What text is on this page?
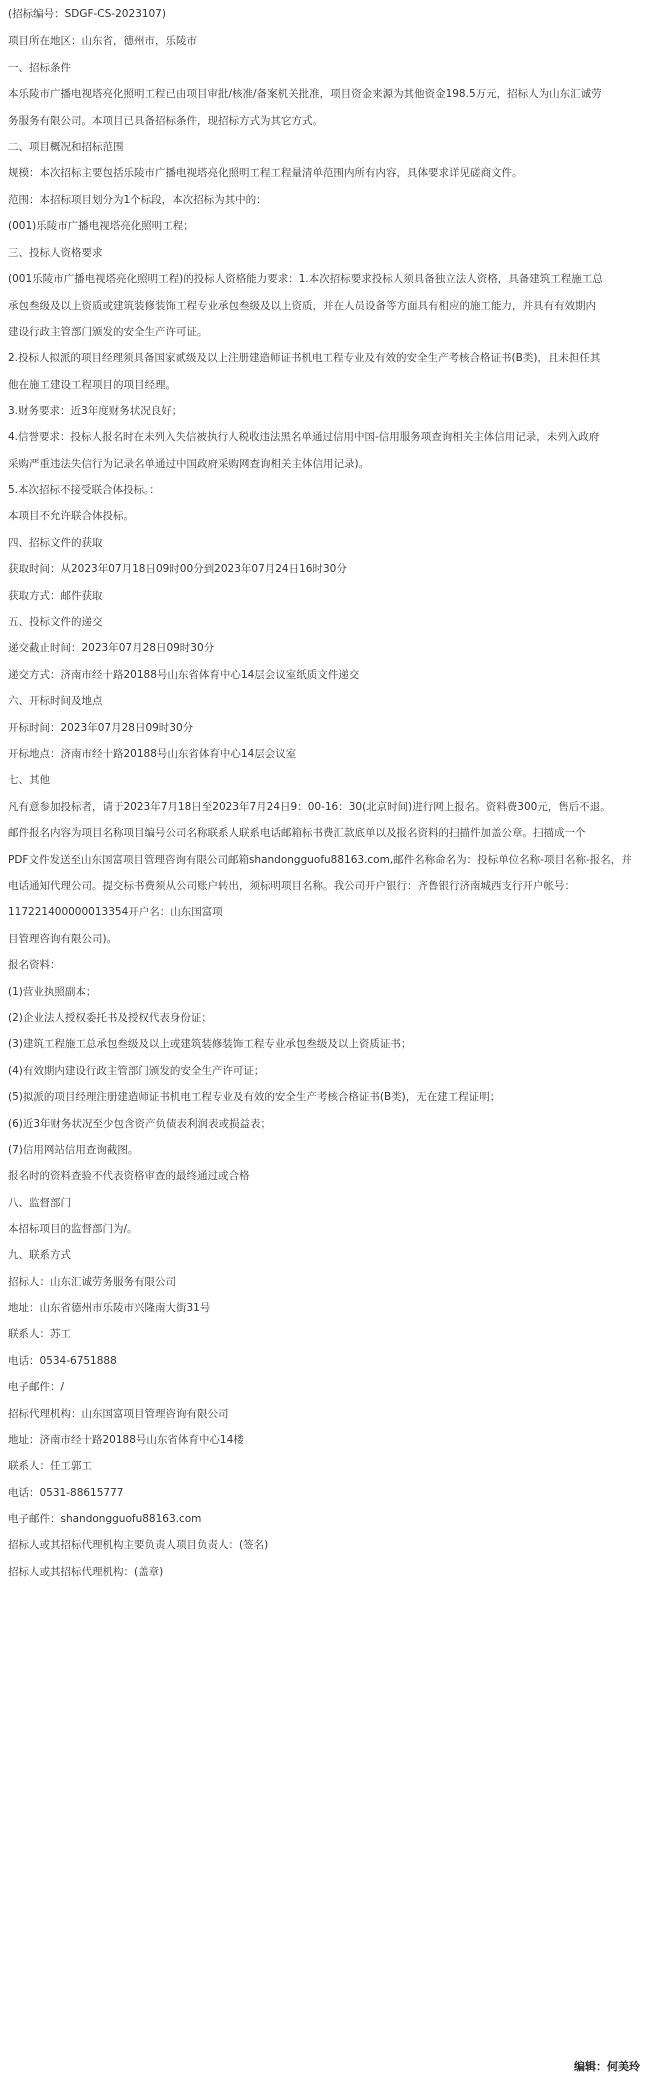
(招标编号：SDGF-CS-2023107)
项目所在地区：山东省，德州市，乐陵市
一、招标条件
本乐陵市广播电视塔亮化照明工程已由项目审批/核准/备案机关批准，项目资金来源为其他资金198.5万元，招标人为山东汇诚劳
务服务有限公司。本项目已具备招标条件，现招标方式为其它方式。
二、项目概况和招标范围
规模：本次招标主要包括乐陵市广播电视塔亮化照明工程工程量清单范围内所有内容，具体要求详见磋商文件。
范围：本招标项目划分为1个标段，本次招标为其中的：
(001)乐陵市广播电视塔亮化照明工程；
三、投标人资格要求
(001乐陵市广播电视塔亮化照明工程)的投标人资格能力要求：1.本次招标要求投标人须具备独立法人资格，具备建筑工程施工总
承包叁级及以上资质或建筑装修装饰工程专业承包叁级及以上资质，并在人员设备等方面具有相应的施工能力，并具有有效期内
建设行政主管部门颁发的安全生产许可证。
2.投标人拟派的项目经理须具备国家贰级及以上注册建造师证书机电工程专业及有效的安全生产考核合格证书(B类)，且未担任其
他在施工建设工程项目的项目经理。
3.财务要求：近3年度财务状况良好；
4.信誉要求：投标人报名时在未列入失信被执行人税收违法黑名单通过信用中国-信用服务项查询相关主体信用记录，未列入政府
采购严重违法失信行为记录名单通过中国政府采购网查询相关主体信用记录)。
5.本次招标不接受联合体投标。：
本项目不允许联合体投标。
四、招标文件的获取
获取时间：从2023年07月18日09时00分到2023年07月24日16时30分
获取方式：邮件获取
五、投标文件的递交
递交截止时间：2023年07月28日09时30分
递交方式：济南市经十路20188号山东省体育中心14层会议室纸质文件递交
六、开标时间及地点
开标时间：2023年07月28日09时30分
开标地点：济南市经十路20188号山东省体育中心14层会议室
七、其他
凡有意参加投标者，请于2023年7月18日至2023年7月24日9：00-16：30(北京时间)进行网上报名。资料费300元，售后不退。
邮件报名内容为项目名称项目编号公司名称联系人联系电话邮箱标书费汇款底单以及报名资料的扫描件加盖公章。扫描成一个
PDF文件发送至山东国富项目管理咨询有限公司邮箱shandongguofu88163.com,邮件名称命名为：投标单位名称-项目名称-报名，并
电话通知代理公司。提交标书费须从公司账户转出，须标明项目名称。我公司开户银行：齐鲁银行济南城西支行开户帐号：
117221400000013354开户名：山东国富项
目管理咨询有限公司)。
报名资料：
(1)营业执照副本；
(2)企业法人授权委托书及授权代表身份证；
(3)建筑工程施工总承包叁级及以上或建筑装修装饰工程专业承包叁级及以上资质证书；
(4)有效期内建设行政主管部门颁发的安全生产许可证；
(5)拟派的项目经理注册建造师证书机电工程专业及有效的安全生产考核合格证书(B类)，无在建工程证明；
(6)近3年财务状况至少包含资产负债表利润表或损益表；
(7)信用网站信用查询截图。
报名时的资料查验不代表资格审查的最终通过或合格
八、监督部门
本招标项目的监督部门为/。
九、联系方式
招标人：山东汇诚劳务服务有限公司
地址：山东省德州市乐陵市兴隆南大街31号
联系人：苏工
电话：0534-6751888
电子邮件：/
招标代理机构：山东国富项目管理咨询有限公司
地址：济南市经十路20188号山东省体育中心14楼
联系人：任工郭工
电话：0531-88615777
电子邮件：shandongguofu88163.com
招标人或其招标代理机构主要负责人项目负责人：(签名)
招标人或其招标代理机构：(盖章)
编辑：何美玲
